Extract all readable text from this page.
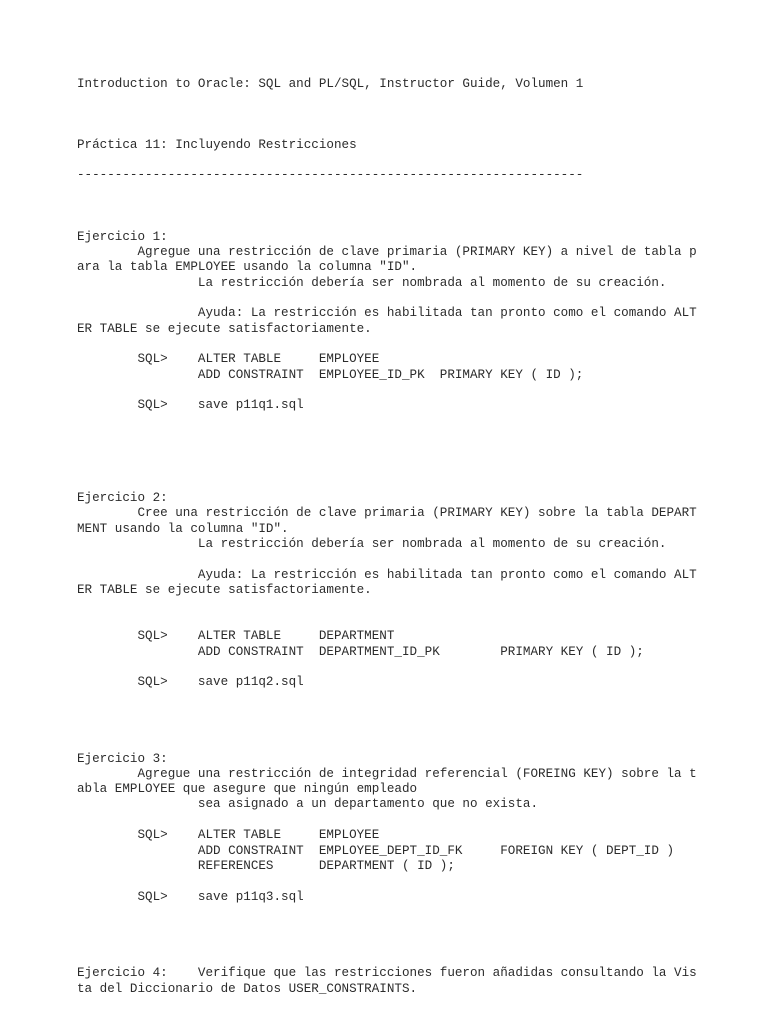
Introduction to Oracle: SQL and PL/SQL, Instructor Guide, Volumen 1

Práctica 11: Incluyendo Restricciones

-------------------------------------------------------------------

Ejercicio 1:

Agregue una restricción de clave primaria (PRIMARY KEY) a nivel de tabla p

ara la tabla EMPLOYEE usando la columna "ID".

La restricción debería ser nombrada al momento de su creación.

Ayuda: La restricción es habilitada tan pronto como el comando ALT

ER TABLE se ejecute satisfactoriamente.

SQL>    ALTER TABLE     EMPLOYEE

ADD CONSTRAINT  EMPLOYEE_ID_PK  PRIMARY KEY ( ID );

SQL>    save p11q1.sql

Ejercicio 2:

Cree una restricción de clave primaria (PRIMARY KEY) sobre la tabla DEPART

MENT usando la columna "ID".

La restricción debería ser nombrada al momento de su creación.

Ayuda: La restricción es habilitada tan pronto como el comando ALT

ER TABLE se ejecute satisfactoriamente.

SQL>    ALTER TABLE     DEPARTMENT

ADD CONSTRAINT  DEPARTMENT_ID_PK        PRIMARY KEY ( ID );

SQL>    save p11q2.sql

Ejercicio 3:

Agregue una restricción de integridad referencial (FOREING KEY) sobre la t

abla EMPLOYEE que asegure que ningún empleado

sea asignado a un departamento que no exista.

SQL>    ALTER TABLE     EMPLOYEE

ADD CONSTRAINT  EMPLOYEE_DEPT_ID_FK     FOREIGN KEY ( DEPT_ID )

REFERENCES      DEPARTMENT ( ID );

SQL>    save p11q3.sql

Ejercicio 4:    Verifique que las restricciones fueron añadidas consultando la Vis

ta del Diccionario de Datos USER_CONSTRAINTS.
